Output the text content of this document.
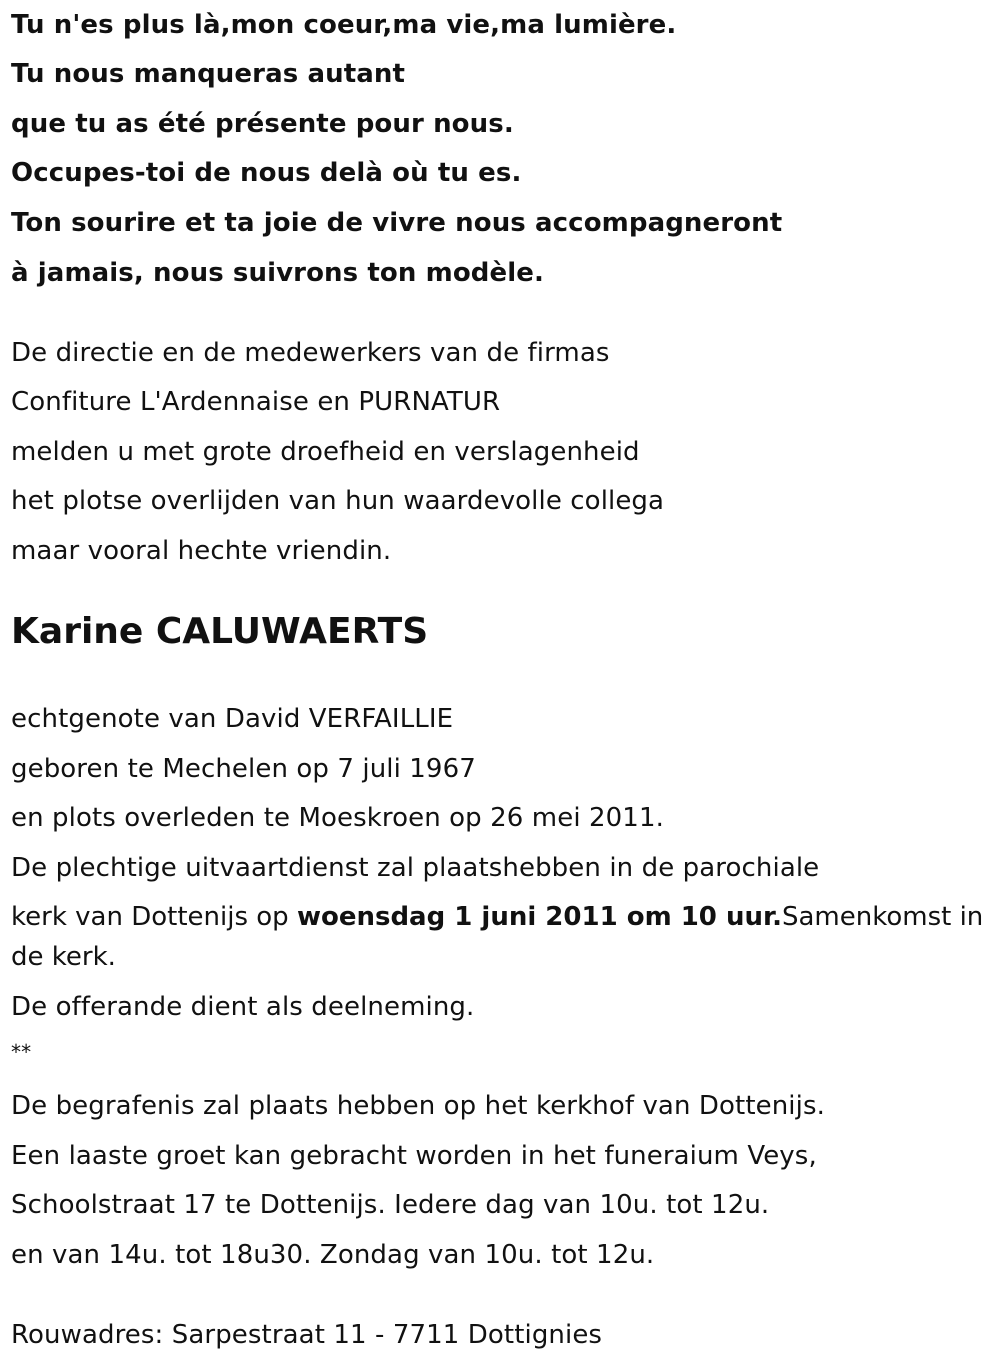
Tu n'es plus là,mon coeur,ma vie,ma lumière.
Tu nous manqueras autant
que tu as été présente pour nous.
Occupes-toi de nous delà où tu es.
Ton sourire et ta joie de vivre nous accompagneront
à jamais, nous suivrons ton modèle.
De directie en de medewerkers van de firmas
Confiture L'Ardennaise en PURNATUR
melden u met grote droefheid en verslagenheid
het plotse overlijden van hun waardevolle collega
maar vooral hechte vriendin.
Karine CALUWAERTS
echtgenote van David VERFAILLIE
geboren te Mechelen op 7 juli 1967
en plots overleden te Moeskroen op 26 mei 2011.
De plechtige uitvaartdienst zal plaatshebben in de parochiale
kerk van Dottenijs op woensdag 1 juni 2011 om 10 uur.Samenkomst in de kerk.
De offerande dient als deelneming.
**
De begrafenis zal plaats hebben op het kerkhof van Dottenijs.
Een laaste groet kan gebracht worden in het funeraium Veys,
Schoolstraat 17 te Dottenijs. Iedere dag van 10u. tot 12u.
en van 14u. tot 18u30. Zondag van 10u. tot 12u.
Rouwadres: Sarpestraat 11 - 7711 Dottignies
